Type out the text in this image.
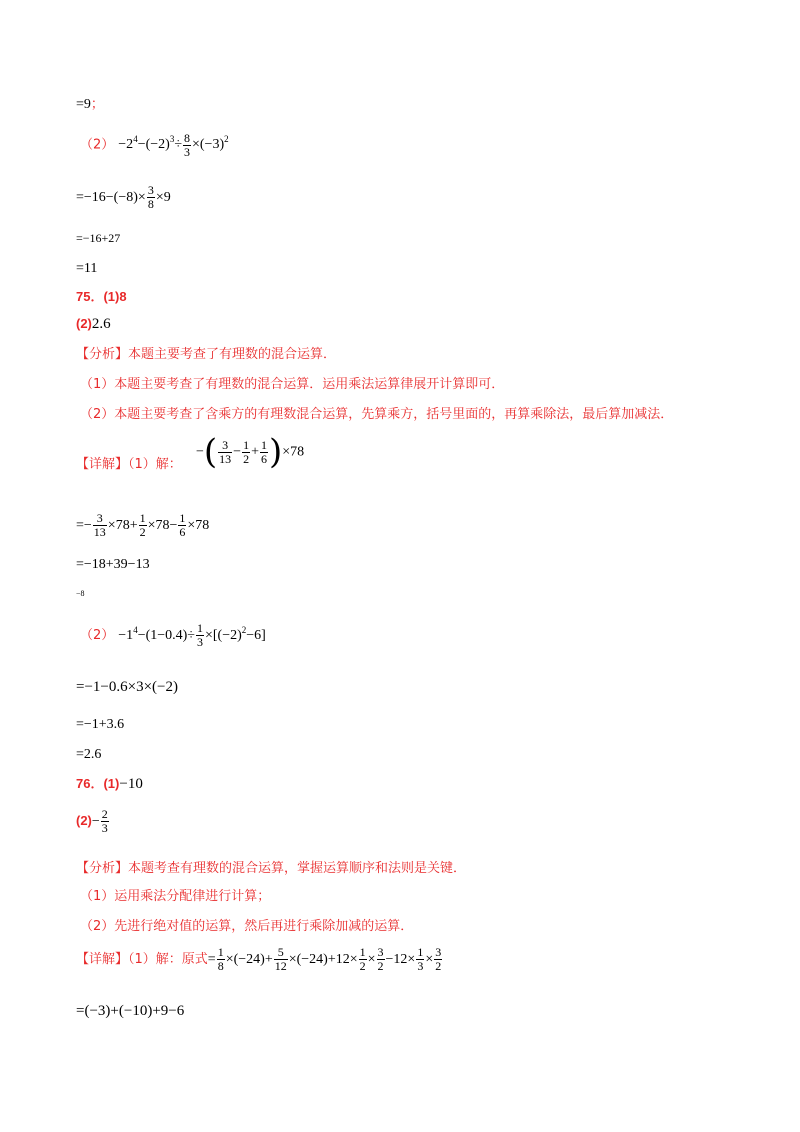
=9；
$(2) -2^4-(-2)^3\div \frac{8}{3} \times(-3)^2$
$=-16-(-8)\times \frac{3}{8} \times 9$
=−16+27
=11
75．(1)8
(2)2.6
【分析】本题主要考查了有理数的混合运算．
（1）本题主要考查了有理数的混合运算．运用乘法运算律展开计算即可．
（2）本题主要考查了含乘方的有理数混合运算，先算乘方，括号里面的，再算乘除法，最后算加减法．
【详解】（1）解：
−( $\frac{3}{13} - \frac{1}{2} + \frac{1}{6} )\times 78$
=− $\frac{3}{13} \times 78+ \frac{1}{2} \times 78- \frac{1}{6} \times 78$
=−18+39−13
−8
$(2) -1^4-(1-0.4)\div \frac{1}{3} \times[(-2)^2-6]$
=−1−0.6×3×(−2)
=−1+3.6
=2.6
76．(1)−10
$(2)- \frac{2}{3}$
【分析】本题考查有理数的混合运算，掌握运算顺序和法则是关键．
（1）运用乘法分配律进行计算；
（2）先进行绝对值的运算，然后再进行乘除加减的运算．
【详解】（1）解：原式= $\frac{1}{8} \times(-24)+ \frac{5}{12} \times(-24)+12\times \frac{1}{2} \times \frac{3}{2} -12\times \frac{1}{3} \times \frac{3}{2}$
=(−3)+(−10)+9−6
